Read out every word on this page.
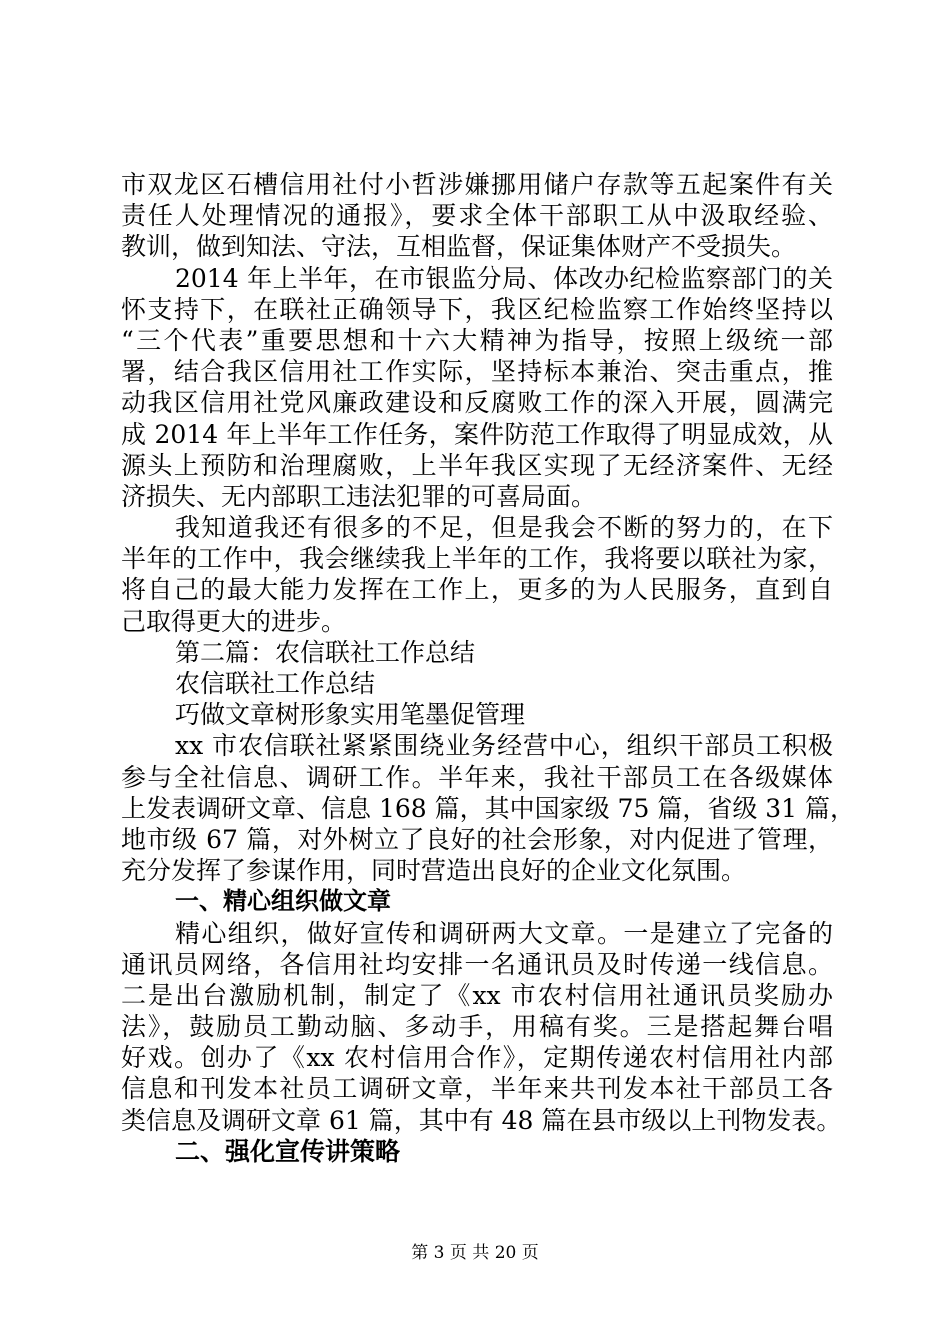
市双龙区石槽信用社付小哲涉嫌挪用储户存款等五起案件有关
责任人处理情况的通报》，要求全体干部职工从中汲取经验、
教训，做到知法、守法，互相监督，保证集体财产不受损失。
2014 年上半年，在市银监分局、体改办纪检监察部门的关
怀支持下，在联社正确领导下，我区纪检监察工作始终坚持以
“三个代表”重要思想和十六大精神为指导，按照上级统一部
署，结合我区信用社工作实际，坚持标本兼治、突击重点，推
动我区信用社党风廉政建设和反腐败工作的深入开展，圆满完
成 2014 年上半年工作任务，案件防范工作取得了明显成效，从
源头上预防和治理腐败，上半年我区实现了无经济案件、无经
济损失、无内部职工违法犯罪的可喜局面。
我知道我还有很多的不足，但是我会不断的努力的，在下
半年的工作中，我会继续我上半年的工作，我将要以联社为家，
将自己的最大能力发挥在工作上，更多的为人民服务，直到自
己取得更大的进步。
第二篇：农信联社工作总结
农信联社工作总结
巧做文章树形象实用笔墨促管理
xx 市农信联社紧紧围绕业务经营中心，组织干部员工积极
参与全社信息、调研工作。半年来，我社干部员工在各级媒体
上发表调研文章、信息 168 篇，其中国家级 75 篇，省级 31 篇，
地市级 67 篇，对外树立了良好的社会形象，对内促进了管理，
充分发挥了参谋作用，同时营造出良好的企业文化氛围。
一、精心组织做文章
精心组织，做好宣传和调研两大文章。一是建立了完备的
通讯员网络，各信用社均安排一名通讯员及时传递一线信息。
二是出台激励机制，制定了《xx 市农村信用社通讯员奖励办
法》，鼓励员工勤动脑、多动手，用稿有奖。三是搭起舞台唱
好戏。创办了《xx 农村信用合作》，定期传递农村信用社内部
信息和刊发本社员工调研文章，半年来共刊发本社干部员工各
类信息及调研文章 61 篇，其中有 48 篇在县市级以上刊物发表。
二、强化宣传讲策略
第 3 页 共 20 页
